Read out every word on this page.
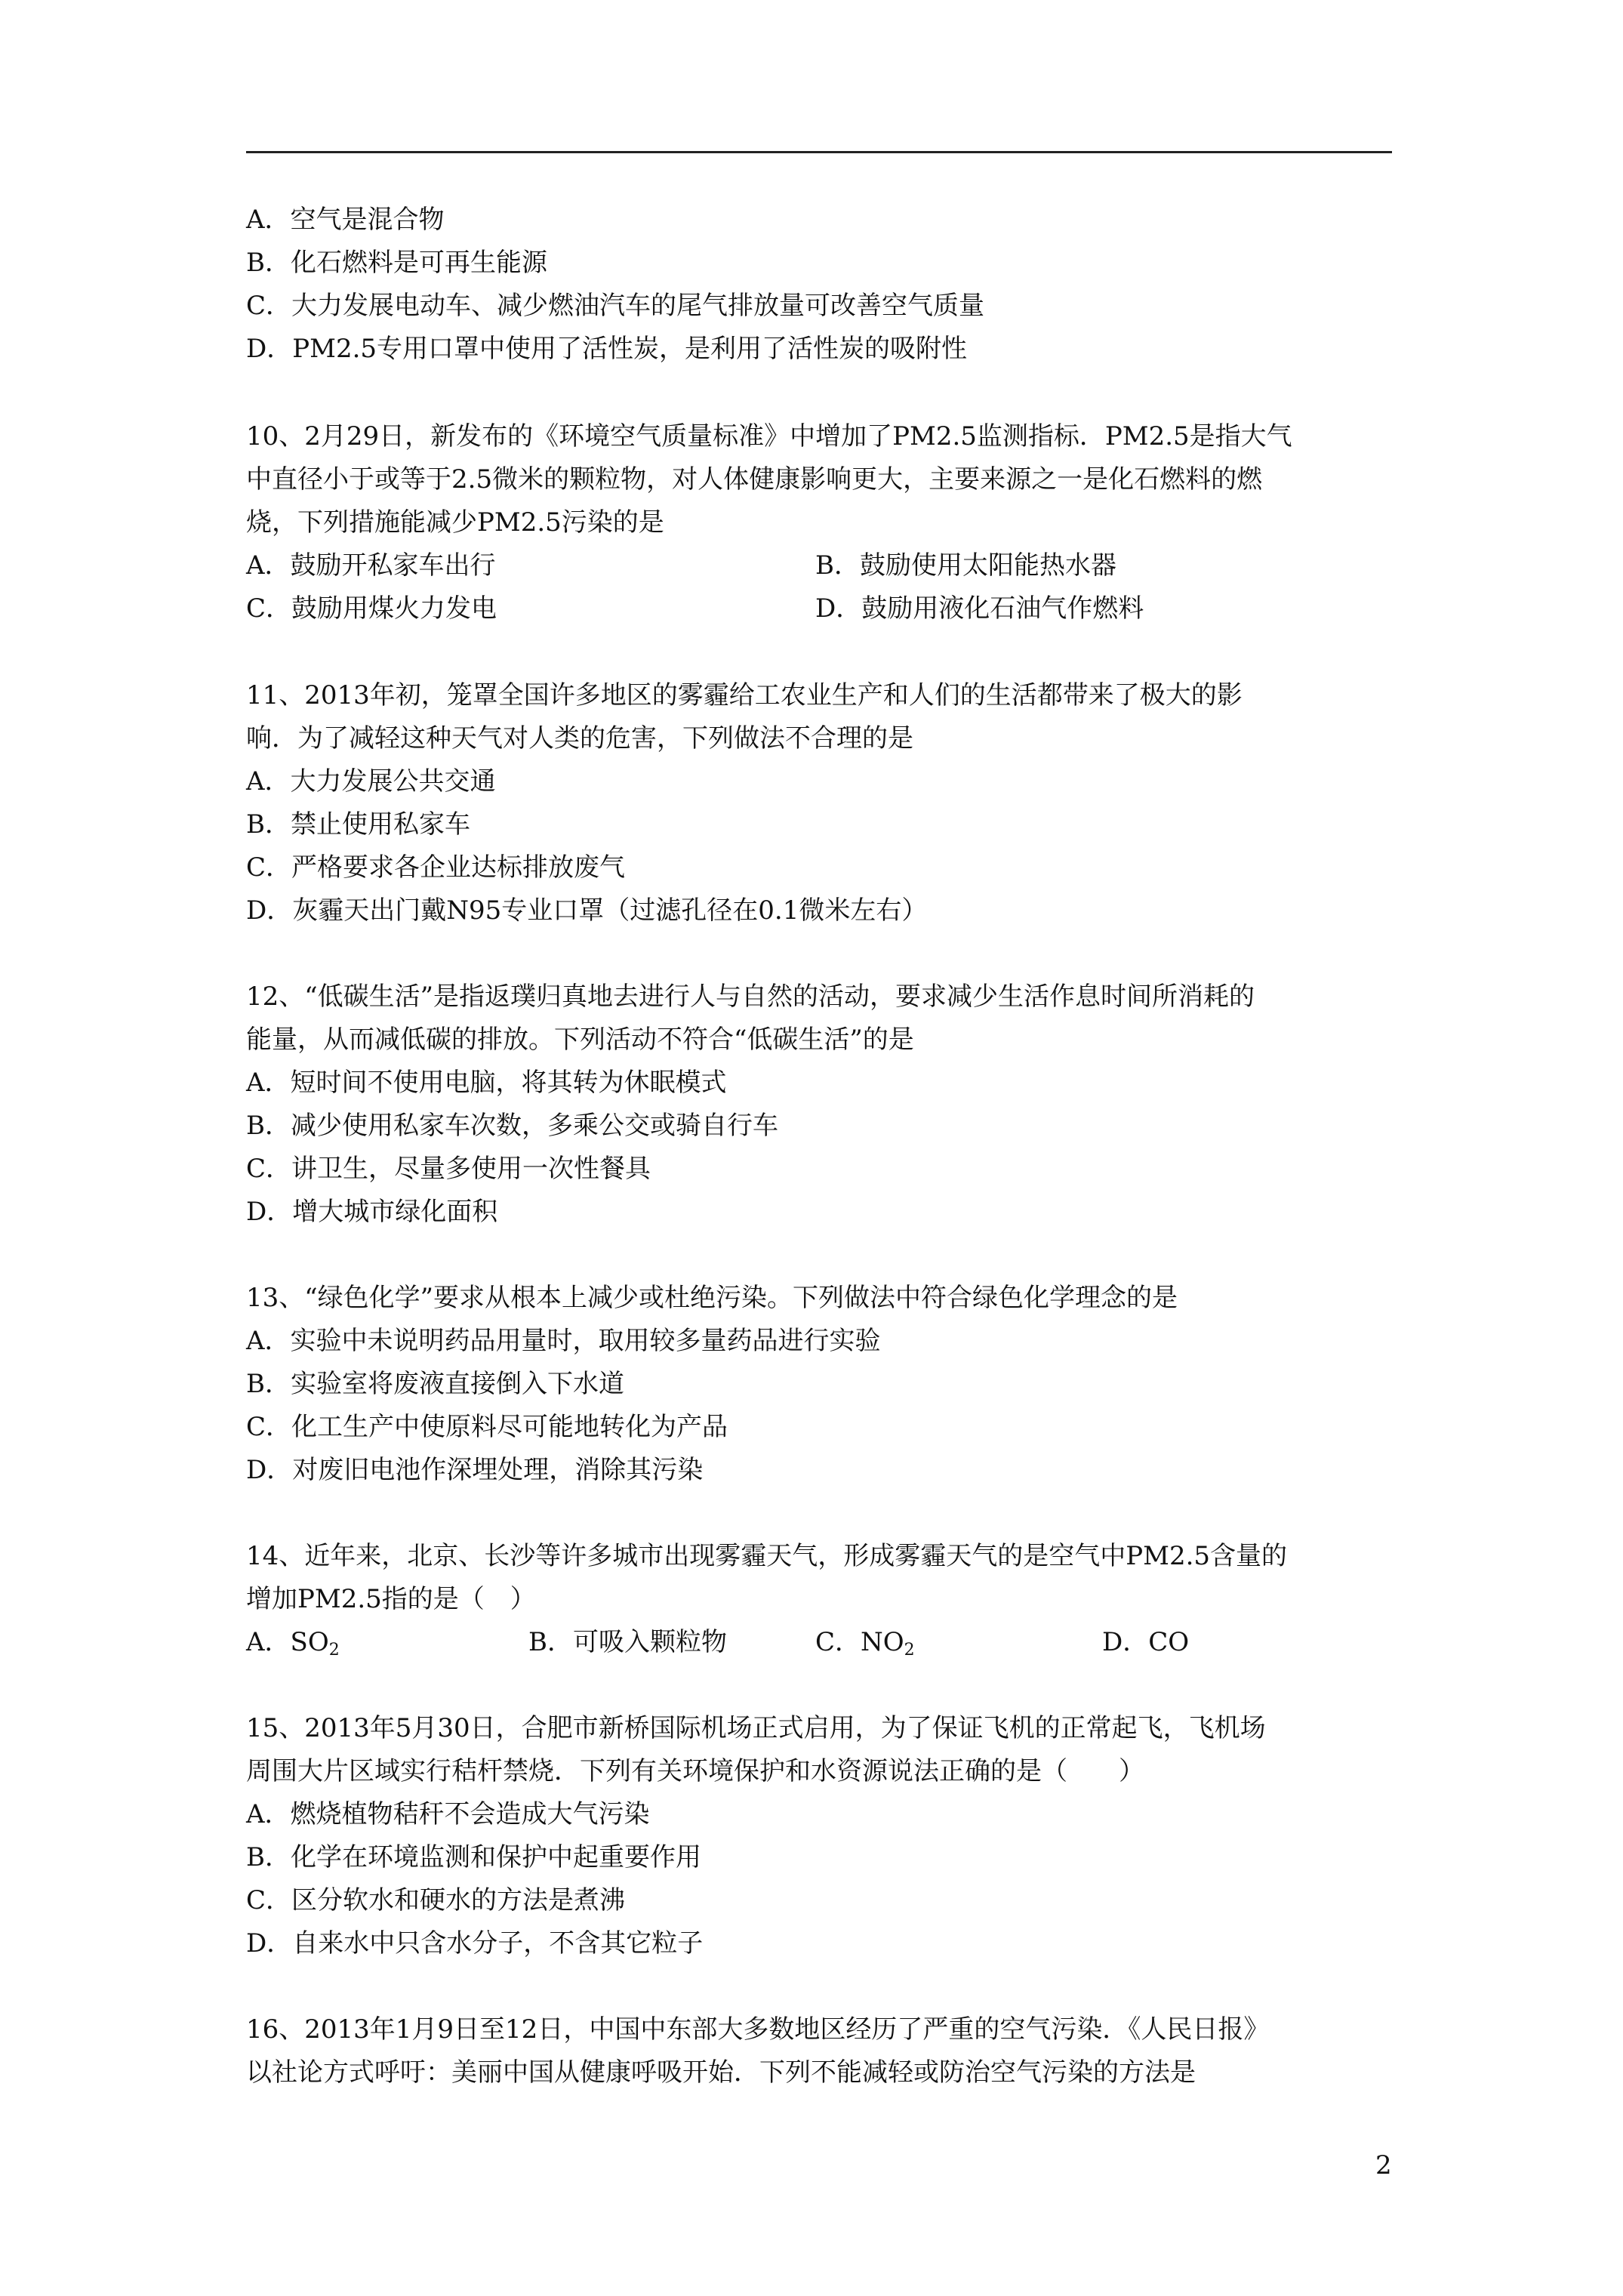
A．空气是混合物
B．化石燃料是可再生能源
C．大力发展电动车、减少燃油汽车的尾气排放量可改善空气质量
D．PM2.5专用口罩中使用了活性炭，是利用了活性炭的吸附性
10、2月29日，新发布的《环境空气质量标准》中增加了PM2.5监测指标．PM2.5是指大气
中直径小于或等于2.5微米的颗粒物，对人体健康影响更大，主要来源之一是化石燃料的燃
烧，下列措施能减少PM2.5污染的是
A．鼓励开私家车出行	B．鼓励使用太阳能热水器
C．鼓励用煤火力发电	D．鼓励用液化石油气作燃料
11、2013年初，笼罩全国许多地区的雾霾给工农业生产和人们的生活都带来了极大的影
响．为了减轻这种天气对人类的危害，下列做法不合理的是
A．大力发展公共交通
B．禁止使用私家车
C．严格要求各企业达标排放废气
D．灰霾天出门戴N95专业口罩（过滤孔径在0.1微米左右）
12、“低碳生活”是指返璞归真地去进行人与自然的活动，要求减少生活作息时间所消耗的
能量，从而减低碳的排放。下列活动不符合“低碳生活”的是
A．短时间不使用电脑，将其转为休眠模式
B．减少使用私家车次数，多乘公交或骑自行车
C．讲卫生，尽量多使用一次性餐具
D．增大城市绿化面积
13、“绿色化学”要求从根本上减少或杜绝污染。下列做法中符合绿色化学理念的是
A．实验中未说明药品用量时，取用较多量药品进行实验
B．实验室将废液直接倒入下水道
C．化工生产中使原料尽可能地转化为产品
D．对废旧电池作深埋处理，消除其污染
14、近年来，北京、长沙等许多城市出现雾霾天气，形成雾霾天气的是空气中PM2.5含量的
增加PM2.5指的是（　）
A．$SO_2$	B．可吸入颗粒物	C．$NO_2$	D．CO
15、2013年5月30日，合肥市新桥国际机场正式启用，为了保证飞机的正常起飞，飞机场
周围大片区域实行秸杆禁烧．下列有关环境保护和水资源说法正确的是（　　）
A．燃烧植物秸秆不会造成大气污染
B．化学在环境监测和保护中起重要作用
C．区分软水和硬水的方法是煮沸
D．自来水中只含水分子，不含其它粒子
16、2013年1月9日至12日，中国中东部大多数地区经历了严重的空气污染．《人民日报》
以社论方式呼吁：美丽中国从健康呼吸开始．下列不能减轻或防治空气污染的方法是
2
